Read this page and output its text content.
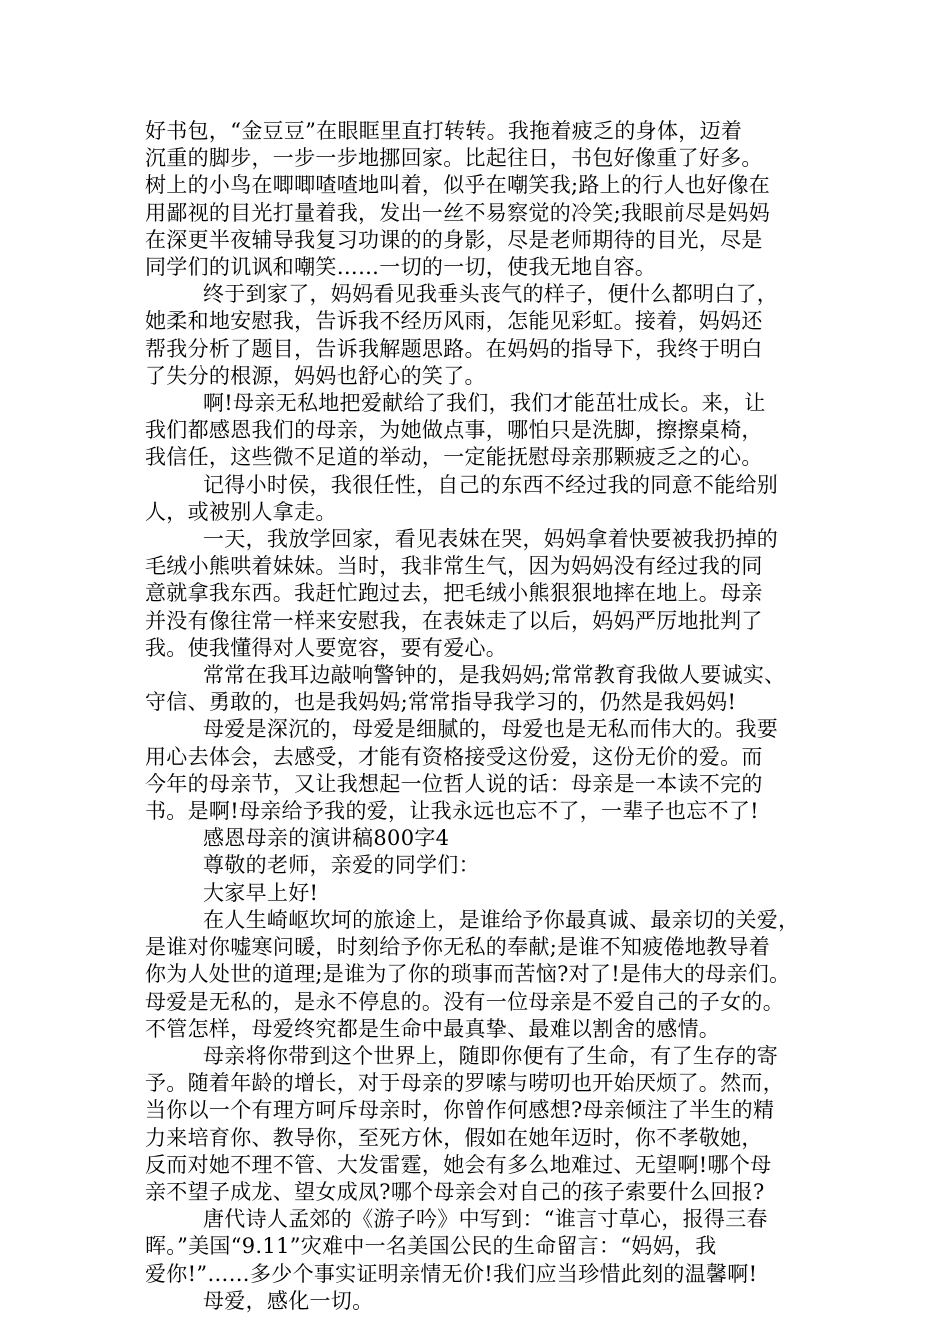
好书包，“金豆豆”在眼眶里直打转转。我拖着疲乏的身体，迈着
沉重的脚步，一步一步地挪回家。比起往日，书包好像重了好多。
树上的小鸟在唧唧喳喳地叫着，似乎在嘲笑我;路上的行人也好像在
用鄙视的目光打量着我，发出一丝不易察觉的冷笑;我眼前尽是妈妈
在深更半夜辅导我复习功课的的身影，尽是老师期待的目光，尽是
同学们的讥讽和嘲笑……一切的一切，使我无地自容。
终于到家了，妈妈看见我垂头丧气的样子，便什么都明白了，
她柔和地安慰我，告诉我不经历风雨，怎能见彩虹。接着，妈妈还
帮我分析了题目，告诉我解题思路。在妈妈的指导下，我终于明白
了失分的根源，妈妈也舒心的笑了。
啊!母亲无私地把爱献给了我们，我们才能茁壮成长。来，让
我们都感恩我们的母亲，为她做点事，哪怕只是洗脚，擦擦桌椅，
我信任，这些微不足道的举动，一定能抚慰母亲那颗疲乏之的心。
记得小时侯，我很任性，自己的东西不经过我的同意不能给别
人，或被别人拿走。
一天，我放学回家，看见表妹在哭，妈妈拿着快要被我扔掉的
毛绒小熊哄着妹妹。当时，我非常生气，因为妈妈没有经过我的同
意就拿我东西。我赶忙跑过去，把毛绒小熊狠狠地摔在地上。母亲
并没有像往常一样来安慰我，在表妹走了以后，妈妈严厉地批判了
我。使我懂得对人要宽容，要有爱心。
常常在我耳边敲响警钟的，是我妈妈;常常教育我做人要诚实、
守信、勇敢的，也是我妈妈;常常指导我学习的，仍然是我妈妈!
母爱是深沉的，母爱是细腻的，母爱也是无私而伟大的。我要
用心去体会，去感受，才能有资格接受这份爱，这份无价的爱。而
今年的母亲节，又让我想起一位哲人说的话：母亲是一本读不完的
书。是啊!母亲给予我的爱，让我永远也忘不了，一辈子也忘不了!
感恩母亲的演讲稿800字4
尊敬的老师，亲爱的同学们：
大家早上好!
在人生崎岖坎坷的旅途上，是谁给予你最真诚、最亲切的关爱，
是谁对你嘘寒问暖，时刻给予你无私的奉献;是谁不知疲倦地教导着
你为人处世的道理;是谁为了你的琐事而苦恼?对了!是伟大的母亲们。
母爱是无私的，是永不停息的。没有一位母亲是不爱自己的子女的。
不管怎样，母爱终究都是生命中最真挚、最难以割舍的感情。
母亲将你带到这个世界上，随即你便有了生命，有了生存的寄
予。随着年龄的增长，对于母亲的罗嗦与唠叨也开始厌烦了。然而，
当你以一个有理方呵斥母亲时，你曾作何感想?母亲倾注了半生的精
力来培育你、教导你，至死方休，假如在她年迈时，你不孝敬她，
反而对她不理不管、大发雷霆，她会有多么地难过、无望啊!哪个母
亲不望子成龙、望女成凤?哪个母亲会对自己的孩子索要什么回报?
唐代诗人孟郊的《游子吟》中写到：“谁言寸草心，报得三春
晖。”美国“9.11”灾难中一名美国公民的生命留言：“妈妈，我
爱你!”……多少个事实证明亲情无价!我们应当珍惜此刻的温馨啊!
母爱，感化一切。
